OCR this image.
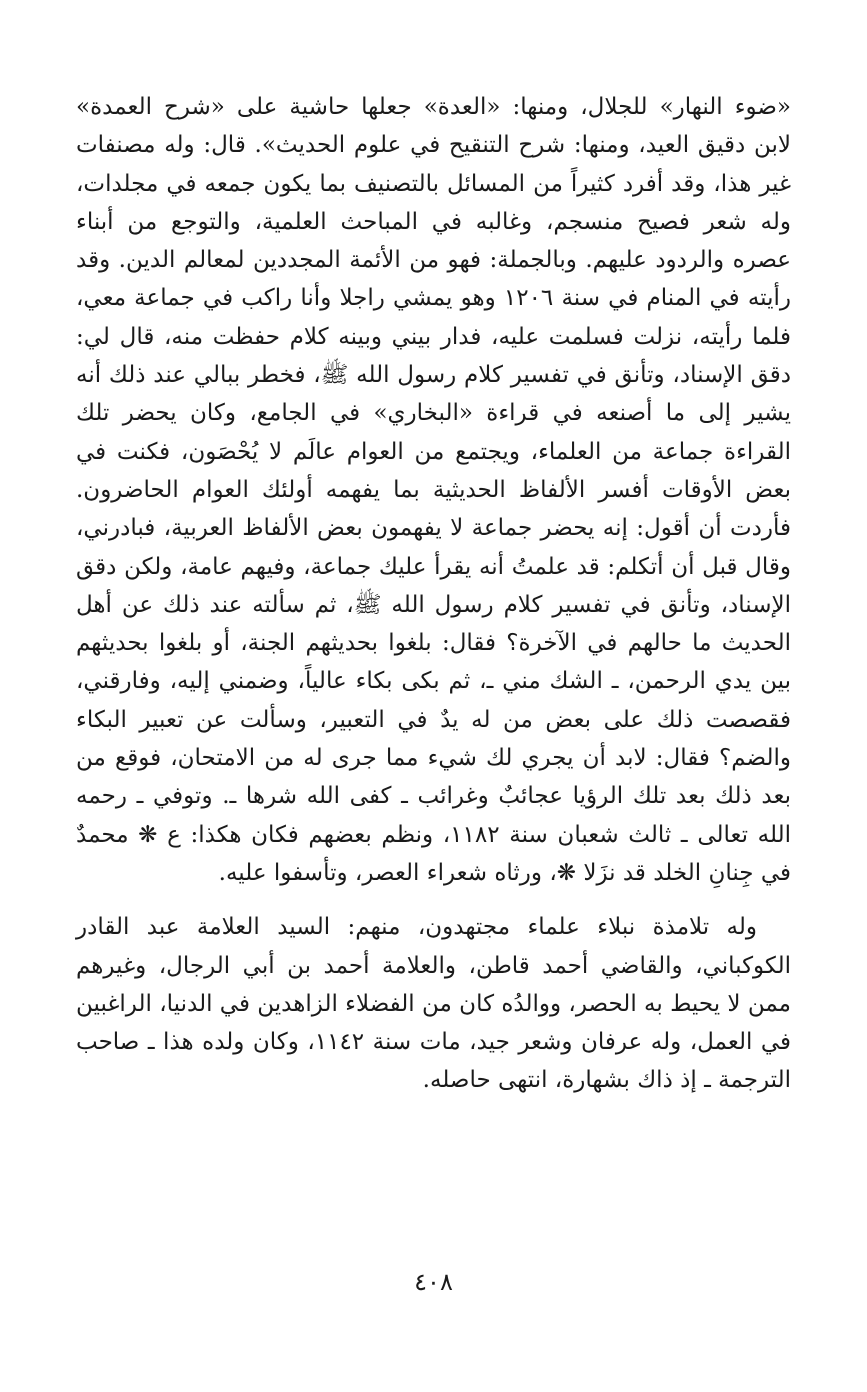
«ضوء النهار» للجلال، ومنها: «العدة» جعلها حاشية على «شرح العمدة» لابن دقيق العيد، ومنها: شرح التنقيح في علوم الحديث». قال: وله مصنفات غير هذا، وقد أفرد كثيراً من المسائل بالتصنيف بما يكون جمعه في مجلدات، وله شعر فصيح منسجم، وغالبه في المباحث العلمية، والتوجع من أبناء عصره والردود عليهم. وبالجملة: فهو من الأئمة المجددين لمعالم الدين. وقد رأيته في المنام في سنة ١٢٠٦ وهو يمشي راجلا وأنا راكب في جماعة معي، فلما رأيته، نزلت فسلمت عليه، فدار بيني وبينه كلام حفظت منه، قال لي: دقق الإسناد، وتأنق في تفسير كلام رسول الله ﷺ، فخطر ببالي عند ذلك أنه يشير إلى ما أصنعه في قراءة «البخاري» في الجامع، وكان يحضر تلك القراءة جماعة من العلماء، ويجتمع من العوام عالَم لا يُحْصَون، فكنت في بعض الأوقات أفسر الألفاظ الحديثية بما يفهمه أولئك العوام الحاضرون. فأردت أن أقول: إنه يحضر جماعة لا يفهمون بعض الألفاظ العربية، فبادرني، وقال قبل أن أتكلم: قد علمتُ أنه يقرأ عليك جماعة، وفيهم عامة، ولكن دقق الإسناد، وتأنق في تفسير كلام رسول الله ﷺ، ثم سألته عند ذلك عن أهل الحديث ما حالهم في الآخرة؟ فقال: بلغوا بحديثهم الجنة، أو بلغوا بحديثهم بين يدي الرحمن، ـ الشك مني ـ، ثم بكى بكاء عالياً، وضمني إليه، وفارقني، فقصصت ذلك على بعض من له يدٌ في التعبير، وسألت عن تعبير البكاء والضم؟ فقال: لابد أن يجري لك شيء مما جرى له من الامتحان، فوقع من بعد ذلك بعد تلك الرؤيا عجائبٌ وغرائب ـ كفى الله شرها ـ. وتوفي ـ رحمه الله تعالى ـ ثالث شعبان سنة ١١٨٢، ونظم بعضهم فكان هكذا: ع ❋ محمدٌ في جِنانِ الخلد قد نزَلا ❋، ورثاه شعراء العصر، وتأسفوا عليه.

وله تلامذة نبلاء علماء مجتهدون، منهم: السيد العلامة عبد القادر الكوكباني، والقاضي أحمد قاطن، والعلامة أحمد بن أبي الرجال، وغيرهم ممن لا يحيط به الحصر، ووالدُه كان من الفضلاء الزاهدين في الدنيا، الراغبين في العمل، وله عرفان وشعر جيد، مات سنة ١١٤٢، وكان ولده هذا ـ صاحب الترجمة ـ إذ ذاك بشهارة، انتهى حاصله.

٤٠٨
